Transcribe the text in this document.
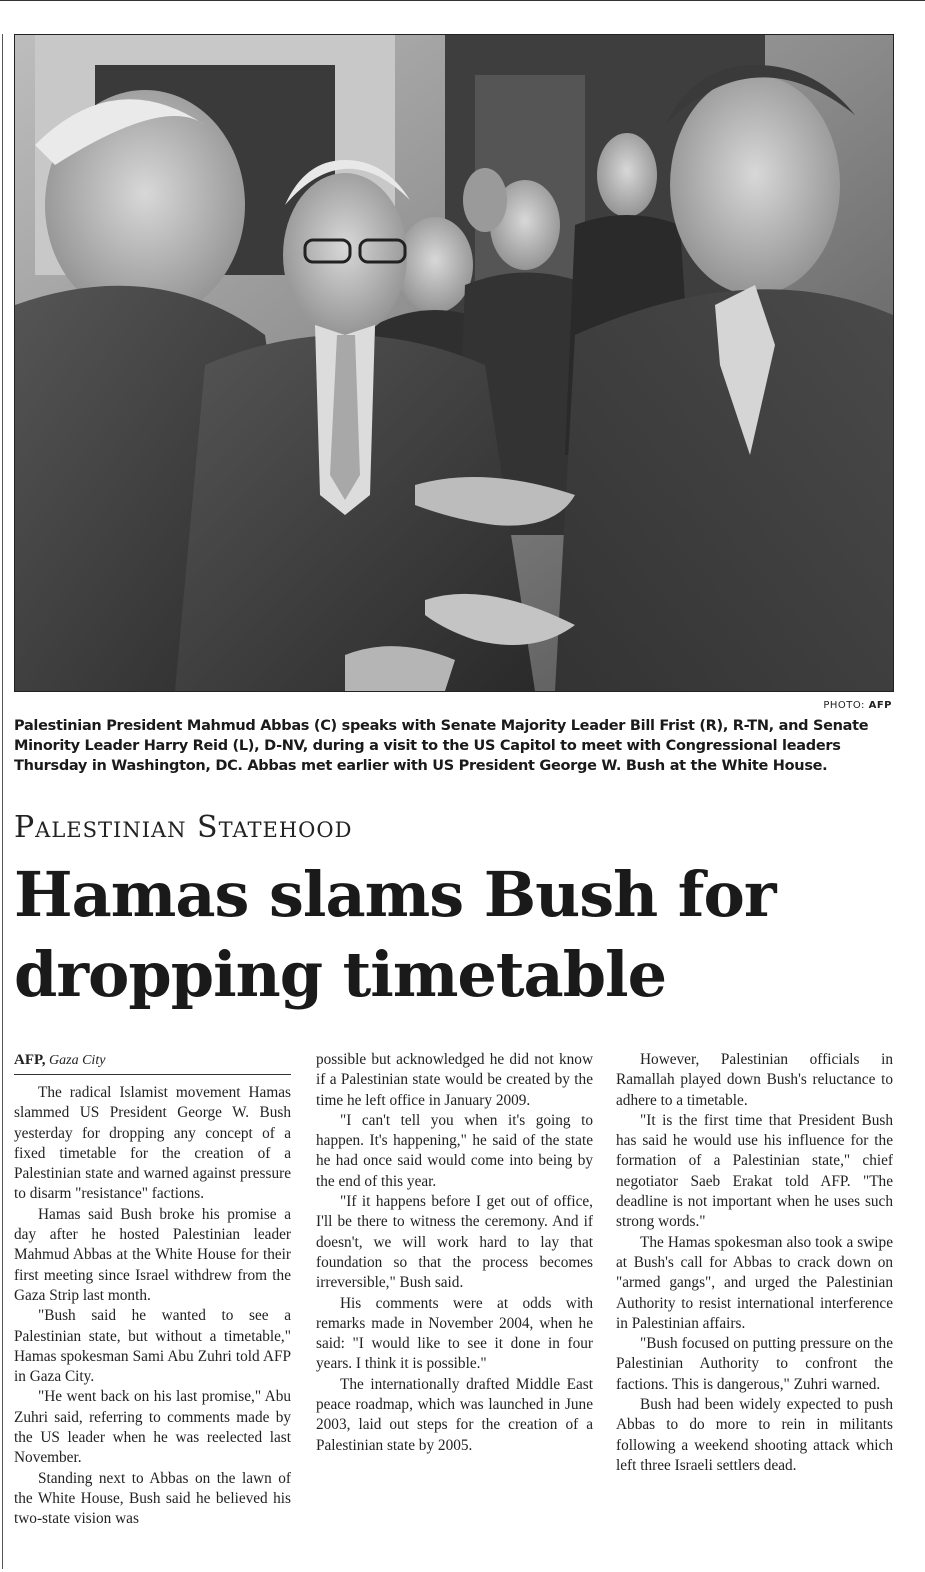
PHOTO: AFP
Palestinian President Mahmud Abbas (C) speaks with Senate Majority Leader Bill Frist (R), R-TN, and Senate Minority Leader Harry Reid (L), D-NV, during a visit to the US Capitol to meet with Congressional leaders Thursday in Washington, DC. Abbas met earlier with US President George W. Bush at the White House.
Palestinian Statehood
Hamas slams Bush for dropping timetable
AFP, Gaza City

The radical Islamist movement Hamas slammed US President George W. Bush yesterday for dropping any concept of a fixed timetable for the creation of a Palestinian state and warned against pressure to disarm "resistance" factions.

Hamas said Bush broke his promise a day after he hosted Palestinian leader Mahmud Abbas at the White House for their first meeting since Israel withdrew from the Gaza Strip last month.

"Bush said he wanted to see a Palestinian state, but without a timetable," Hamas spokesman Sami Abu Zuhri told AFP in Gaza City.

"He went back on his last promise," Abu Zuhri said, referring to comments made by the US leader when he was reelected last November.

Standing next to Abbas on the lawn of the White House, Bush said he believed his two-state vision was

possible but acknowledged he did not know if a Palestinian state would be created by the time he left office in January 2009.

"I can't tell you when it's going to happen. It's happening," he said of the state he had once said would come into being by the end of this year.

"If it happens before I get out of office, I'll be there to witness the ceremony. And if doesn't, we will work hard to lay that foundation so that the process becomes irreversible," Bush said.

His comments were at odds with remarks made in November 2004, when he said: "I would like to see it done in four years. I think it is possible."

The internationally drafted Middle East peace roadmap, which was launched in June 2003, laid out steps for the creation of a Palestinian state by 2005.

However, Palestinian officials in Ramallah played down Bush's reluctance to adhere to a timetable.

"It is the first time that President Bush has said he would use his influence for the formation of a Palestinian state," chief negotiator Saeb Erakat told AFP. "The deadline is not important when he uses such strong words."

The Hamas spokesman also took a swipe at Bush's call for Abbas to crack down on "armed gangs", and urged the Palestinian Authority to resist international interference in Palestinian affairs.

"Bush focused on putting pressure on the Palestinian Authority to confront the factions. This is dangerous," Zuhri warned.

Bush had been widely expected to push Abbas to do more to rein in militants following a weekend shooting attack which left three Israeli settlers dead.
